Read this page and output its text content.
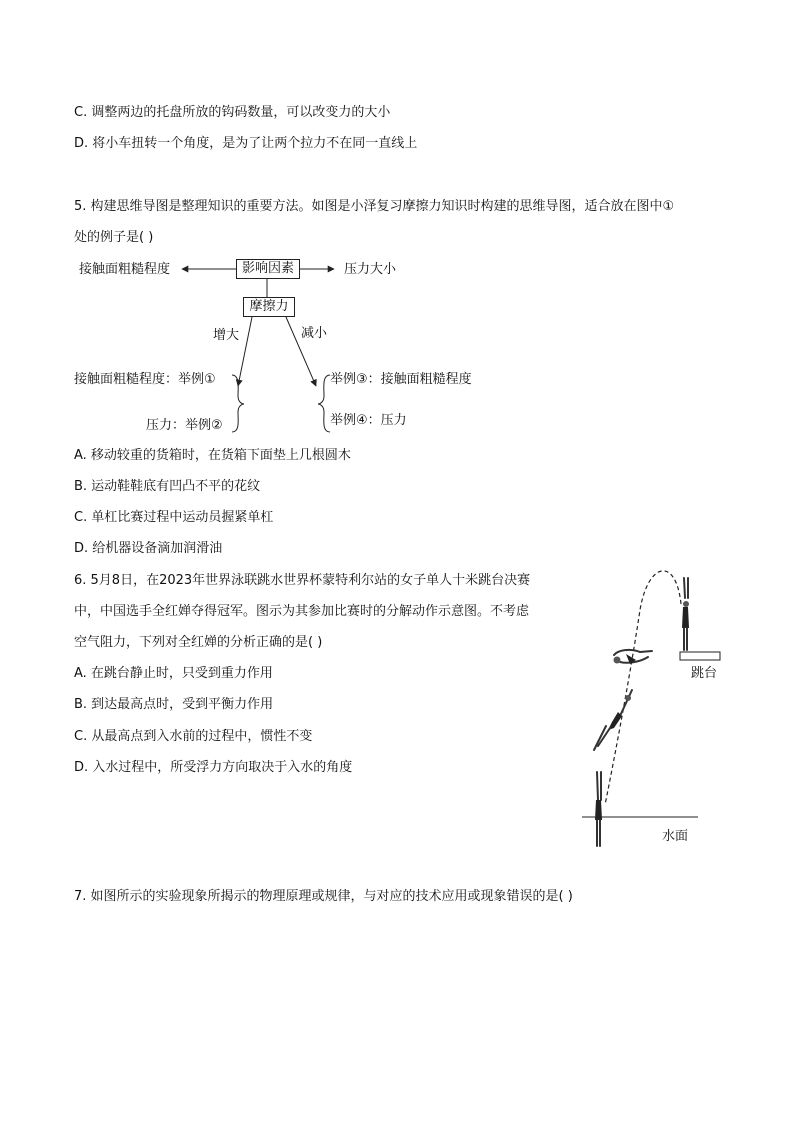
C. 调整两边的托盘所放的钩码数量，可以改变力的大小
D. 将小车扭转一个角度，是为了让两个拉力不在同一直线上
5. 构建思维导图是整理知识的重要方法。如图是小泽复习摩擦力知识时构建的思维导图，适合放在图中①
处的例子是( )
影响因素
摩擦力
接触面粗糙程度	压力大小
增大	减小
接触面粗糙程度：举例①
压力：举例②
举例③：接触面粗糙程度
举例④：压力
A. 移动较重的货箱时，在货箱下面垫上几根圆木
B. 运动鞋鞋底有凹凸不平的花纹
C. 单杠比赛过程中运动员握紧单杠
D. 给机器设备滴加润滑油
6. 5月8日，在2023年世界泳联跳水世界杯蒙特利尔站的女子单人十米跳台决赛
中，中国选手全红婵夺得冠军。图示为其参加比赛时的分解动作示意图。不考虑
空气阻力，下列对全红婵的分析正确的是( )
A. 在跳台静止时，只受到重力作用
B. 到达最高点时，受到平衡力作用
C. 从最高点到入水前的过程中，惯性不变
D. 入水过程中，所受浮力方向取决于入水的角度
跳台
水面
7. 如图所示的实验现象所揭示的物理原理或规律，与对应的技术应用或现象错误的是( )
